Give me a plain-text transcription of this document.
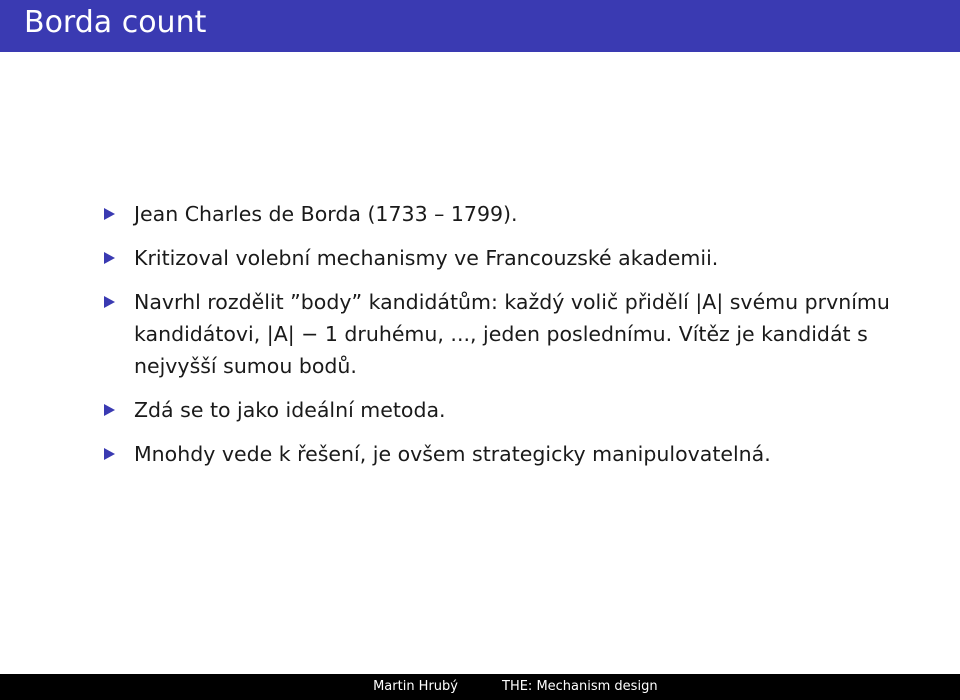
Borda count
Jean Charles de Borda (1733 – 1799).
Kritizoval volební mechanismy ve Francouzské akademii.
Navrhl rozdělit ”body” kandidátům: každý volič přidělí |A| svému prvnímu kandidátovi, |A| − 1 druhému, ..., jeden poslednímu. Vítěz je kandidát s nejvyšší sumou bodů.
Zdá se to jako ideální metoda.
Mnohdy vede k řešení, je ovšem strategicky manipulovatelná.
Martin Hrubý	THE: Mechanism design
